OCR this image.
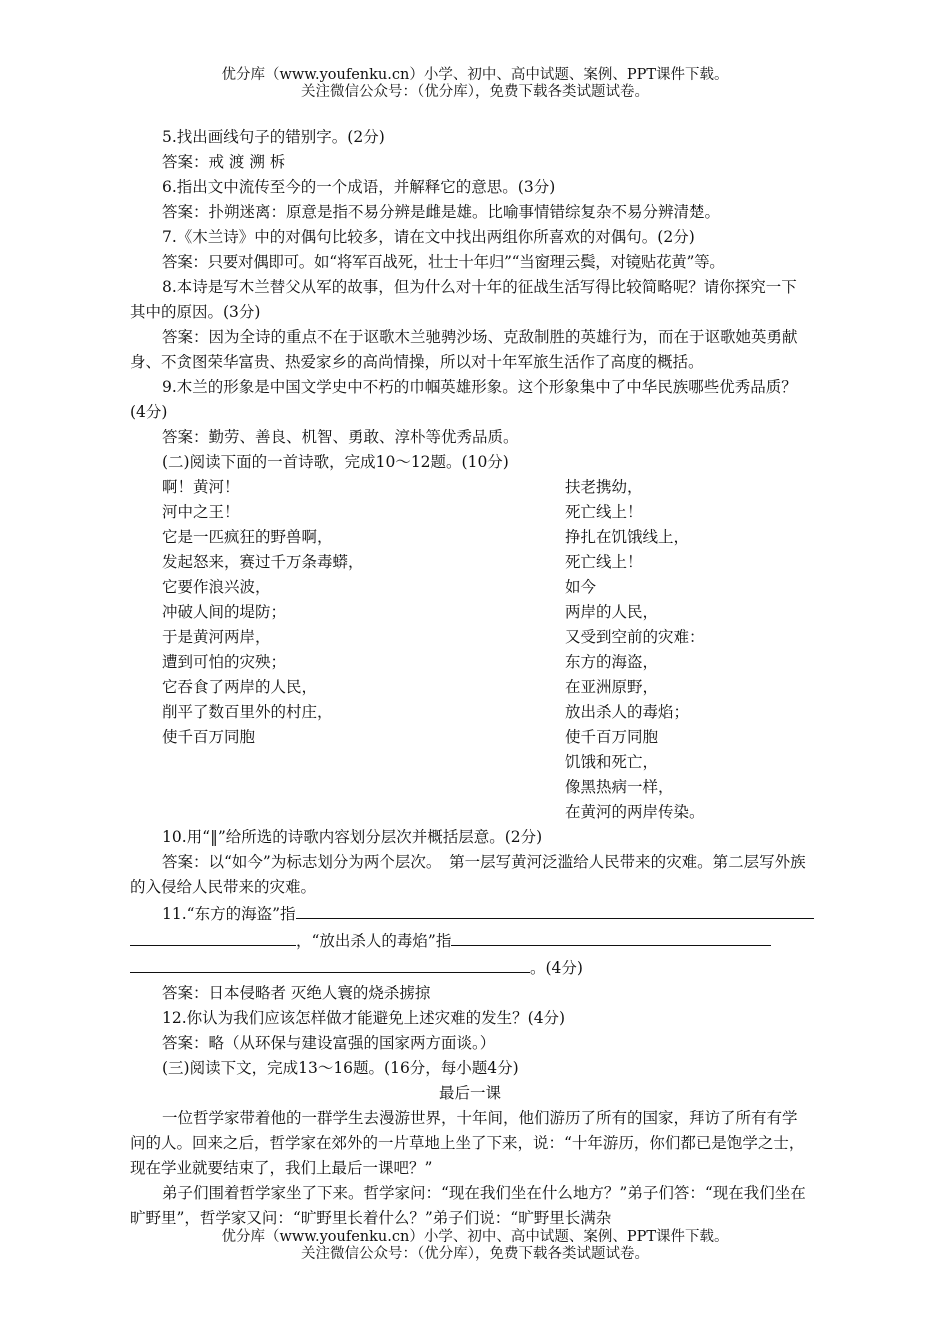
优分库（www.youfenku.cn）小学、初中、高中试题、案例、PPT课件下载。
关注微信公众号：（优分库），免费下载各类试题试卷。

5.找出画线句子的错别字。(2分)

答案：戒 渡 溯 柝

6.指出文中流传至今的一个成语，并解释它的意思。(3分)

答案：扑朔迷离：原意是指不易分辨是雌是雄。比喻事情错综复杂不易分辨清楚。

7.《木兰诗》中的对偶句比较多，请在文中找出两组你所喜欢的对偶句。(2分)

答案：只要对偶即可。如“将军百战死，壮士十年归”“当窗理云鬓，对镜贴花黄”等。

8.本诗是写木兰替父从军的故事，但为什么对十年的征战生活写得比较简略呢？请你探究一下其中的原因。(3分)

答案：因为全诗的重点不在于讴歌木兰驰骋沙场、克敌制胜的英雄行为，而在于讴歌她英勇献身、不贪图荣华富贵、热爱家乡的高尚情操，所以对十年军旅生活作了高度的概括。

9.木兰的形象是中国文学史中不朽的巾帼英雄形象。这个形象集中了中华民族哪些优秀品质？(4分)

答案：勤劳、善良、机智、勇敢、淳朴等优秀品质。

(二)阅读下面的一首诗歌，完成10～12题。(10分)

啊！黄河！
河中之王！
它是一匹疯狂的野兽啊，
发起怒来，赛过千万条毒蟒，
它要作浪兴波，
冲破人间的堤防；
于是黄河两岸，
遭到可怕的灾殃；
它吞食了两岸的人民，
削平了数百里外的村庄，
使千百万同胞
扶老携幼，
死亡线上！
挣扎在饥饿线上，
死亡线上！
如今
两岸的人民，
又受到空前的灾难：
东方的海盗，
在亚洲原野，
放出杀人的毒焰；
使千百万同胞
饥饿和死亡，
像黑热病一样，
在黄河的两岸传染。

10.用“‖”给所选的诗歌内容划分层次并概括层意。(2分)

答案：以“如今”为标志划分为两个层次。　第一层写黄河泛滥给人民带来的灾难。第二层写外族的入侵给人民带来的灾难。

11.“东方的海盗”指
，“放出杀人的毒焰”指
。(4分)

答案：日本侵略者 灭绝人寰的烧杀掳掠

12.你认为我们应该怎样做才能避免上述灾难的发生？(4分)

答案：略（从环保与建设富强的国家两方面谈。）

(三)阅读下文，完成13～16题。(16分，每小题4分)

最后一课

一位哲学家带着他的一群学生去漫游世界，十年间，他们游历了所有的国家，拜访了所有有学问的人。回来之后，哲学家在郊外的一片草地上坐了下来，说：“十年游历，你们都已是饱学之士，现在学业就要结束了，我们上最后一课吧？”

弟子们围着哲学家坐了下来。哲学家问：“现在我们坐在什么地方？”弟子们答：“现在我们坐在旷野里”，哲学家又问：“旷野里长着什么？”弟子们说：“旷野里长满杂

优分库（www.youfenku.cn）小学、初中、高中试题、案例、PPT课件下载。
关注微信公众号：（优分库），免费下载各类试题试卷。
